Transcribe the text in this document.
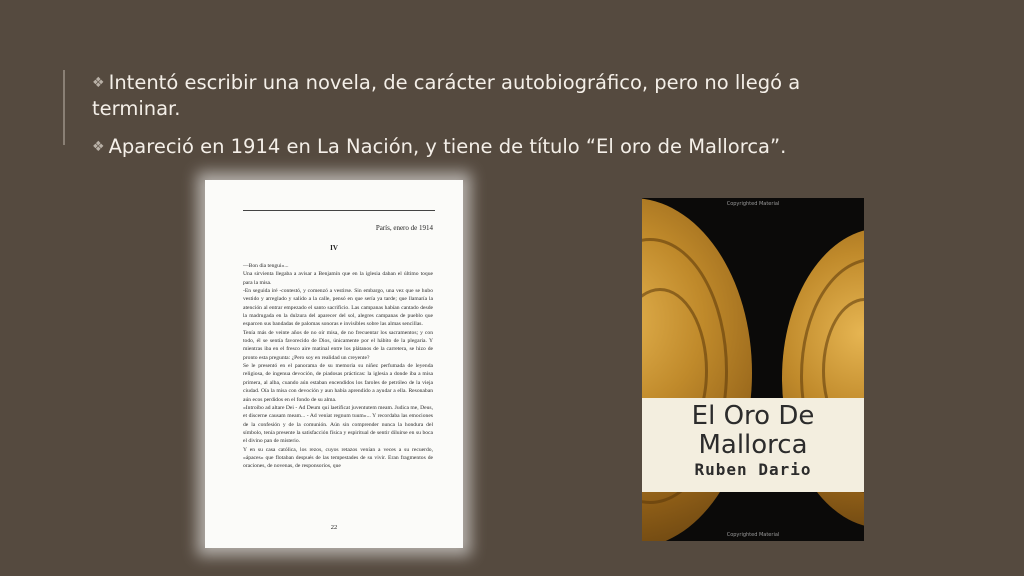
❖ Intentó escribir una novela, de carácter autobiográfico, pero no llegó a terminar.
❖ Apareció en 1914 en La Nación, y tiene de título “El oro de Mallorca”.
París, enero de 1914
IV
—Bon dia tengui»...
Una sirvienta llegaba a avisar a Benjamín que en la iglesia daban el último toque para la misa.
-En seguida iré -contestó, y comenzó a vestirse. Sin embargo, una vez que se hubo vestido y arreglado y salido a la calle, pensó en que sería ya tarde; que llamaría la atención al entrar empezado el santo sacrificio. Las campanas habían cantado desde la madrugada en la dulzura del aparecer del sol, alegres campanas de pueblo que esparcen sus bandadas de palomas sonoras e invisibles sobre las almas sencillas.
Tenía más de veinte años de no oír misa, de no frecuentar los sacramentos; y con todo, él se sentía favorecido de Dios, únicamente por el hábito de la plegaria. Y mientras iba en el fresco aire matinal entre los plátanos de la carretera, se hizo de pronto esta pregunta: ¿Pero soy en realidad un creyente?
Se le presentó en el panorama de su memoria su niñez perfumada de leyenda religiosa, de ingenua devoción, de piadosas prácticas: la iglesia a donde iba a misa primera, al alba, cuando aún estaban encendidos los faroles de petróleo de la vieja ciudad. Oía la misa con devoción y aun había aprendido a ayudar a ella. Resonaban aún ecos perdidos en el fondo de su alma.
«Introibo ad altare Dei - Ad Deum qui laetificat juventutem meam. Judica me, Deus, et discerne causam meam... - Ad veniat regnum tuum»... Y recordaba las emociones de la confesión y de la comunión. Aún sin comprender nunca la hondura del símbolo, tenía presente la satisfacción física y espiritual de sentir diluirse en su boca el divino pan de misterio.
Y en su casa católica, los rezos, cuyos retazos venían a veces a su recuerdo, «ápaces» que flotaban después de las tempestades de su vivir. Eran fragmentos de oraciones, de novenas, de responsorios, que
22
Copyrighted Material
El Oro De
Mallorca
Ruben Dario
Copyrighted Material
